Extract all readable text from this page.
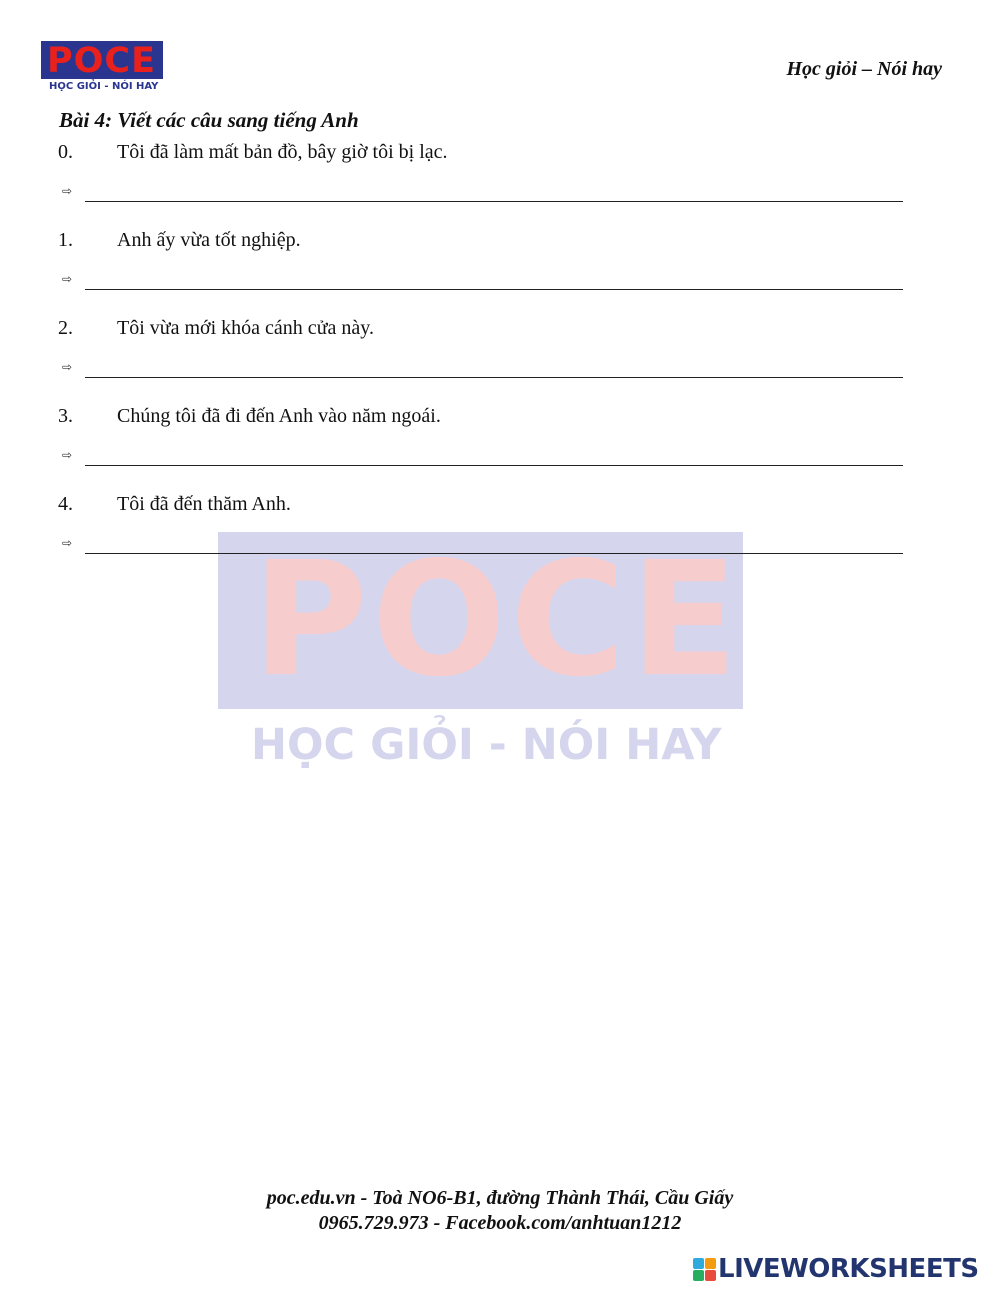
POCE
HỌC GIỎI - NÓI HAY
Học giỏi – Nói hay
Bài 4: Viết các câu sang tiếng Anh
POCE
HỌC GIỎI - NÓI HAY
0. Tôi đã làm mất bản đồ, bây giờ tôi bị lạc.
⇨
1. Anh ấy vừa tốt nghiệp.
⇨
2. Tôi vừa mới khóa cánh cửa này.
⇨
3. Chúng tôi đã đi đến Anh vào năm ngoái.
⇨
4. Tôi đã đến thăm Anh.
⇨
poc.edu.vn - Toà NO6-B1, đường Thành Thái, Cầu Giấy
0965.729.973 - Facebook.com/anhtuan1212
LIVEWORKSHEETS
